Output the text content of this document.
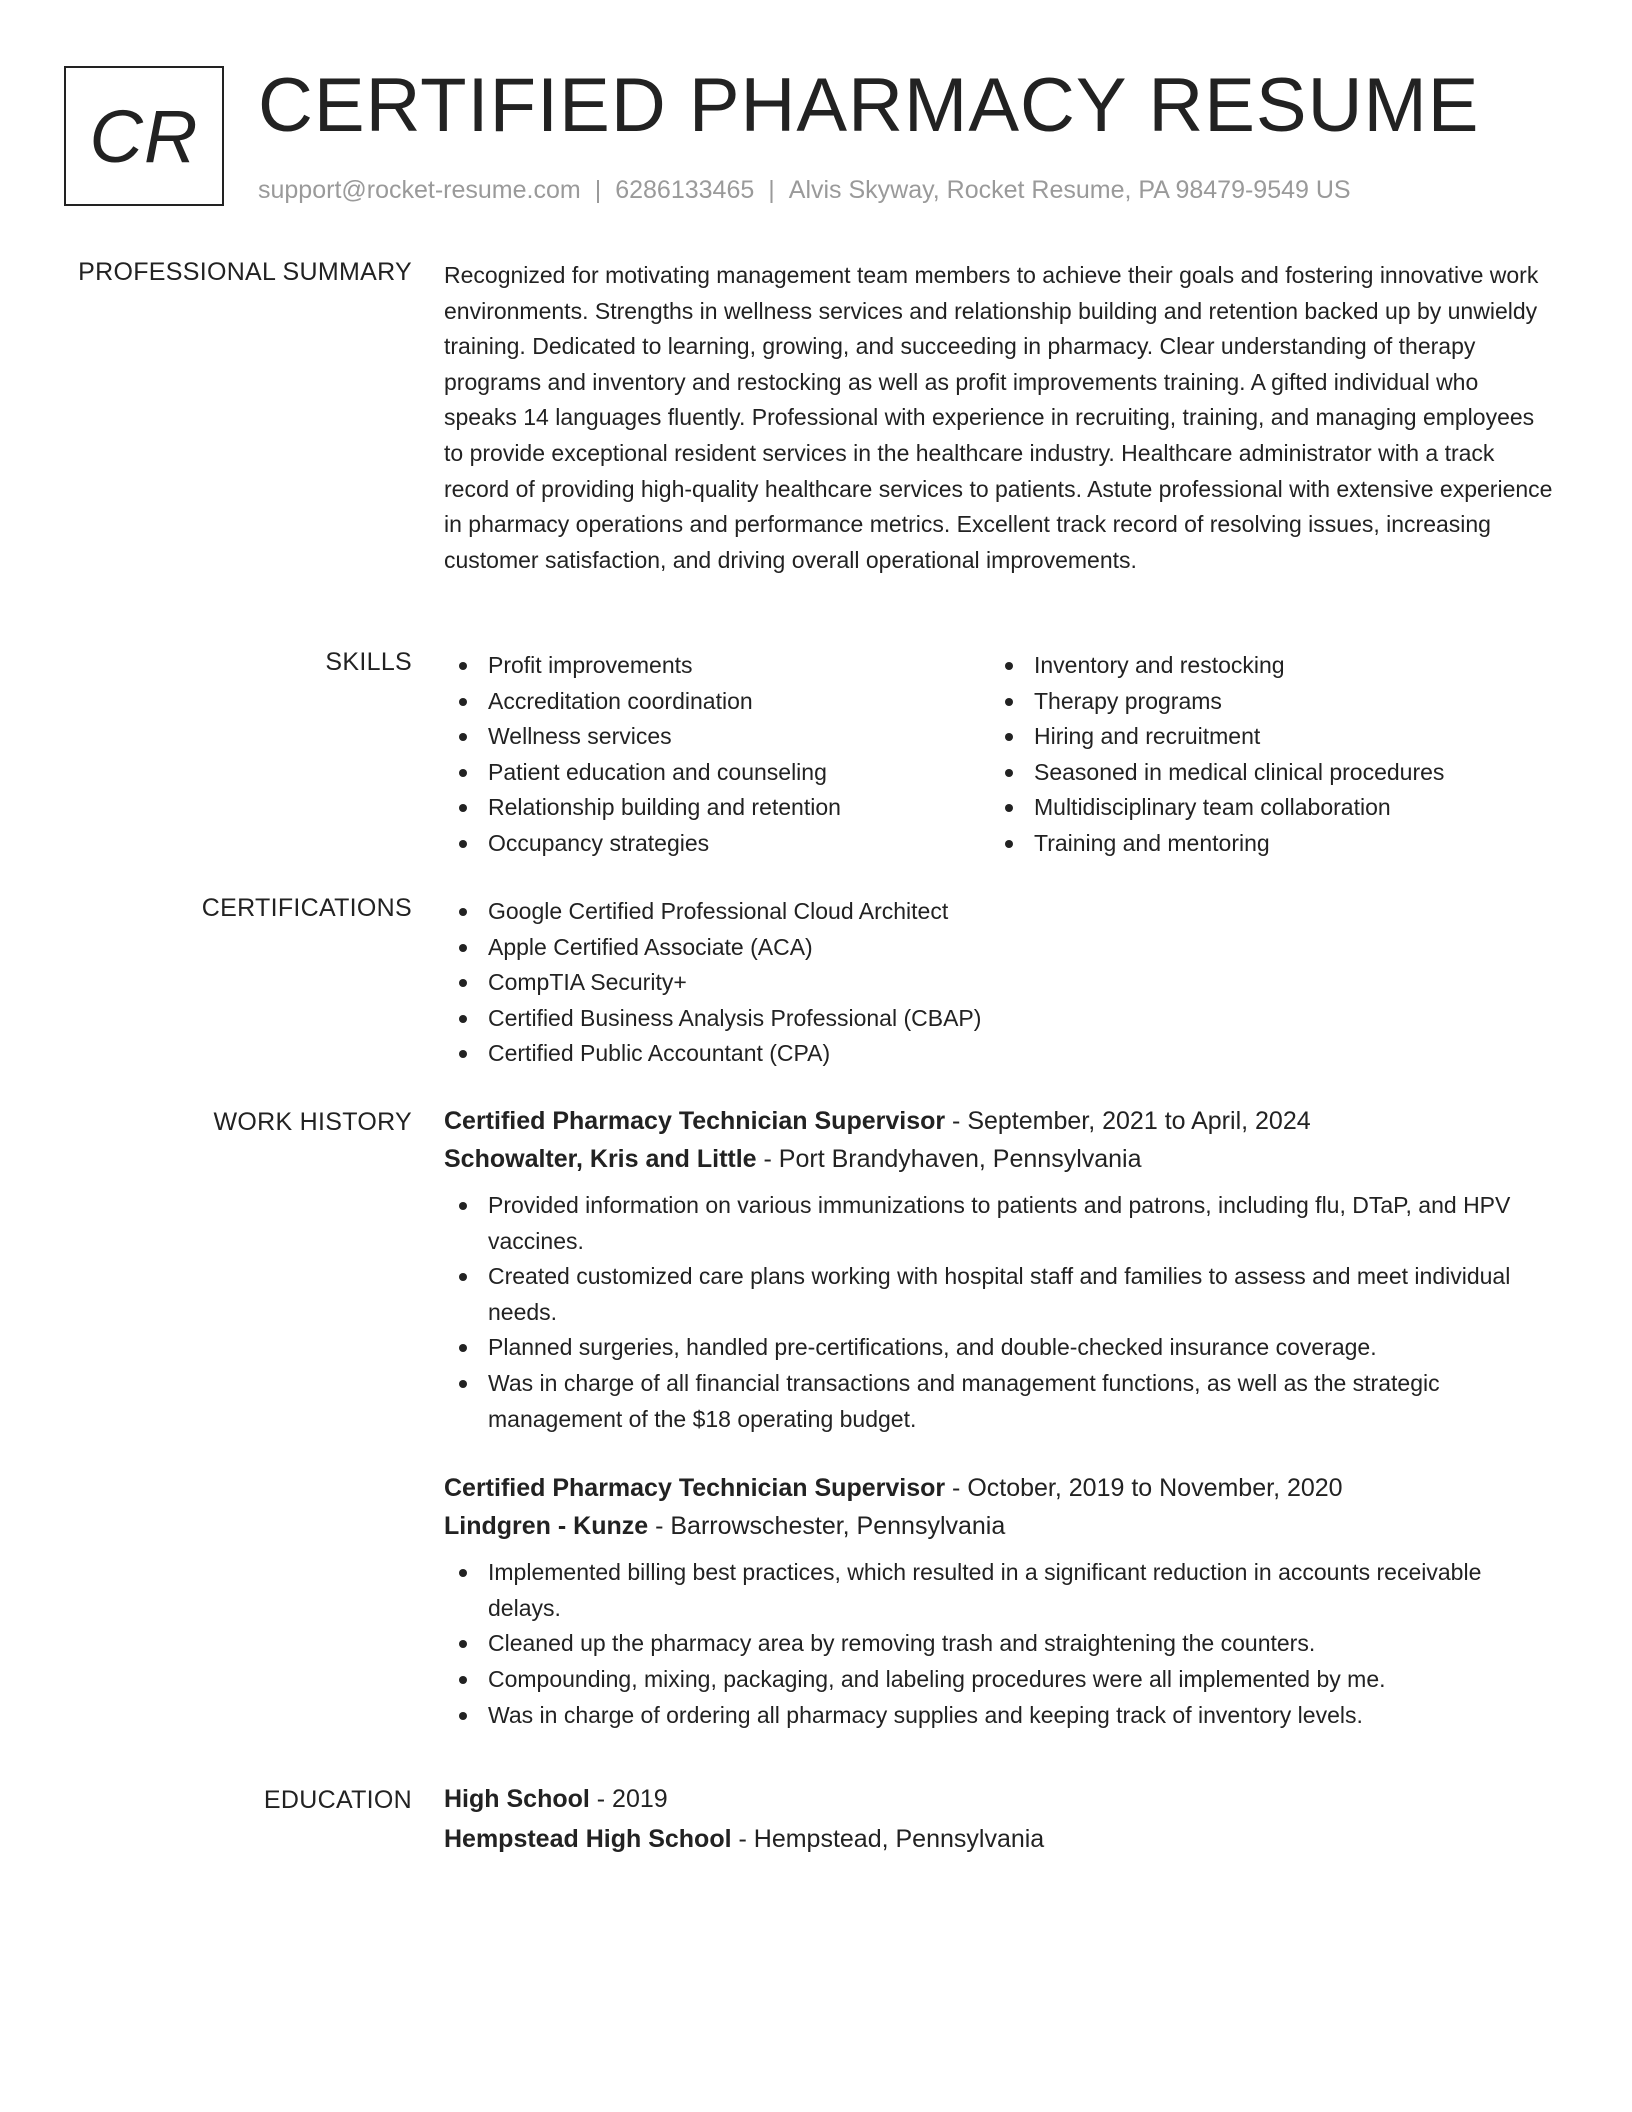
CR CERTIFIED PHARMACY RESUME
support@rocket-resume.com | 6286133465 | Alvis Skyway, Rocket Resume, PA 98479-9549 US
PROFESSIONAL SUMMARY Recognized for motivating management team members to achieve their goals and fostering innovative work environments. Strengths in wellness services and relationship building and retention backed up by unwieldy training. Dedicated to learning, growing, and succeeding in pharmacy. Clear understanding of therapy programs and inventory and restocking as well as profit improvements training. A gifted individual who speaks 14 languages fluently. Professional with experience in recruiting, training, and managing employees to provide exceptional resident services in the healthcare industry. Healthcare administrator with a track record of providing high-quality healthcare services to patients. Astute professional with extensive experience in pharmacy operations and performance metrics. Excellent track record of resolving issues, increasing customer satisfaction, and driving overall operational improvements.

SKILLS	Profit improvements
Accreditation coordination
Wellness services
Patient education and counseling
Relationship building and retention
Occupancy strategies
Inventory and restocking
Therapy programs
Hiring and recruitment
Seasoned in medical clinical procedures
Multidisciplinary team collaboration
Training and mentoring
CERTIFICATIONS	Google Certified Professional Cloud Architect
Apple Certified Associate (ACA)
CompTIA Security+
Certified Business Analysis Professional (CBAP)
Certified Public Accountant (CPA)
WORK HISTORY Certified Pharmacy Technician Supervisor - September, 2021 to April, 2024
Schowalter, Kris and Little - Port Brandyhaven, Pennsylvania
Provided information on various immunizations to patients and patrons, including flu, DTaP, and HPV vaccines.
Created customized care plans working with hospital staff and families to assess and meet individual needs.
Planned surgeries, handled pre-certifications, and double-checked insurance coverage.
Was in charge of all financial transactions and management functions, as well as the strategic management of the $18 operating budget.
Certified Pharmacy Technician Supervisor - October, 2019 to November, 2020
Lindgren - Kunze - Barrowschester, Pennsylvania
Implemented billing best practices, which resulted in a significant reduction in accounts receivable delays.
Cleaned up the pharmacy area by removing trash and straightening the counters.
Compounding, mixing, packaging, and labeling procedures were all implemented by me.
Was in charge of ordering all pharmacy supplies and keeping track of inventory levels.
EDUCATION High School - 2019
Hempstead High School - Hempstead, Pennsylvania
